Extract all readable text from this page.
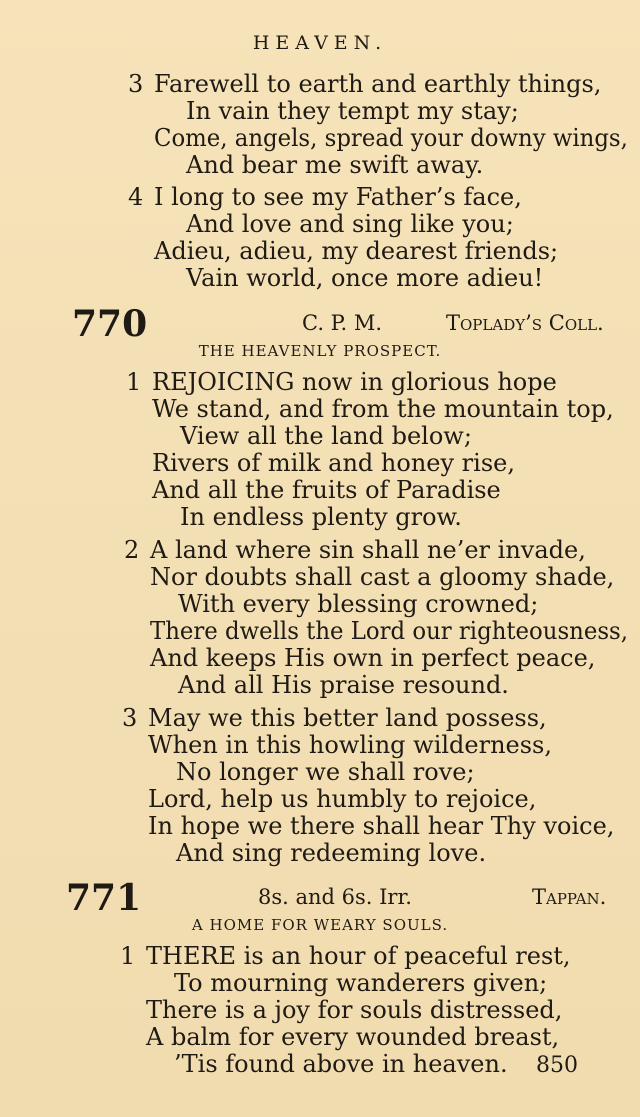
HEAVEN.
3 Farewell to earth and earthly things,
In vain they tempt my stay;
Come, angels, spread your downy wings,
And bear me swift away.
4 I long to see my Father’s face,
And love and sing like you;
Adieu, adieu, my dearest friends;
Vain world, once more adieu!
770	C. P. M.	Toplady’s Coll.
THE HEAVENLY PROSPECT.
1 REJOICING now in glorious hope
We stand, and from the mountain top,
View all the land below;
Rivers of milk and honey rise,
And all the fruits of Paradise
In endless plenty grow.
2 A land where sin shall ne’er invade,
Nor doubts shall cast a gloomy shade,
With every blessing crowned;
There dwells the Lord our righteousness,
And keeps His own in perfect peace,
And all His praise resound.
3 May we this better land possess,
When in this howling wilderness,
No longer we shall rove;
Lord, help us humbly to rejoice,
In hope we there shall hear Thy voice,
And sing redeeming love.
771	8s. and 6s. Irr.	Tappan.
A HOME FOR WEARY SOULS.
1 THERE is an hour of peaceful rest,
To mourning wanderers given;
There is a joy for souls distressed,
A balm for every wounded breast,
’Tis found above in heaven. 850
